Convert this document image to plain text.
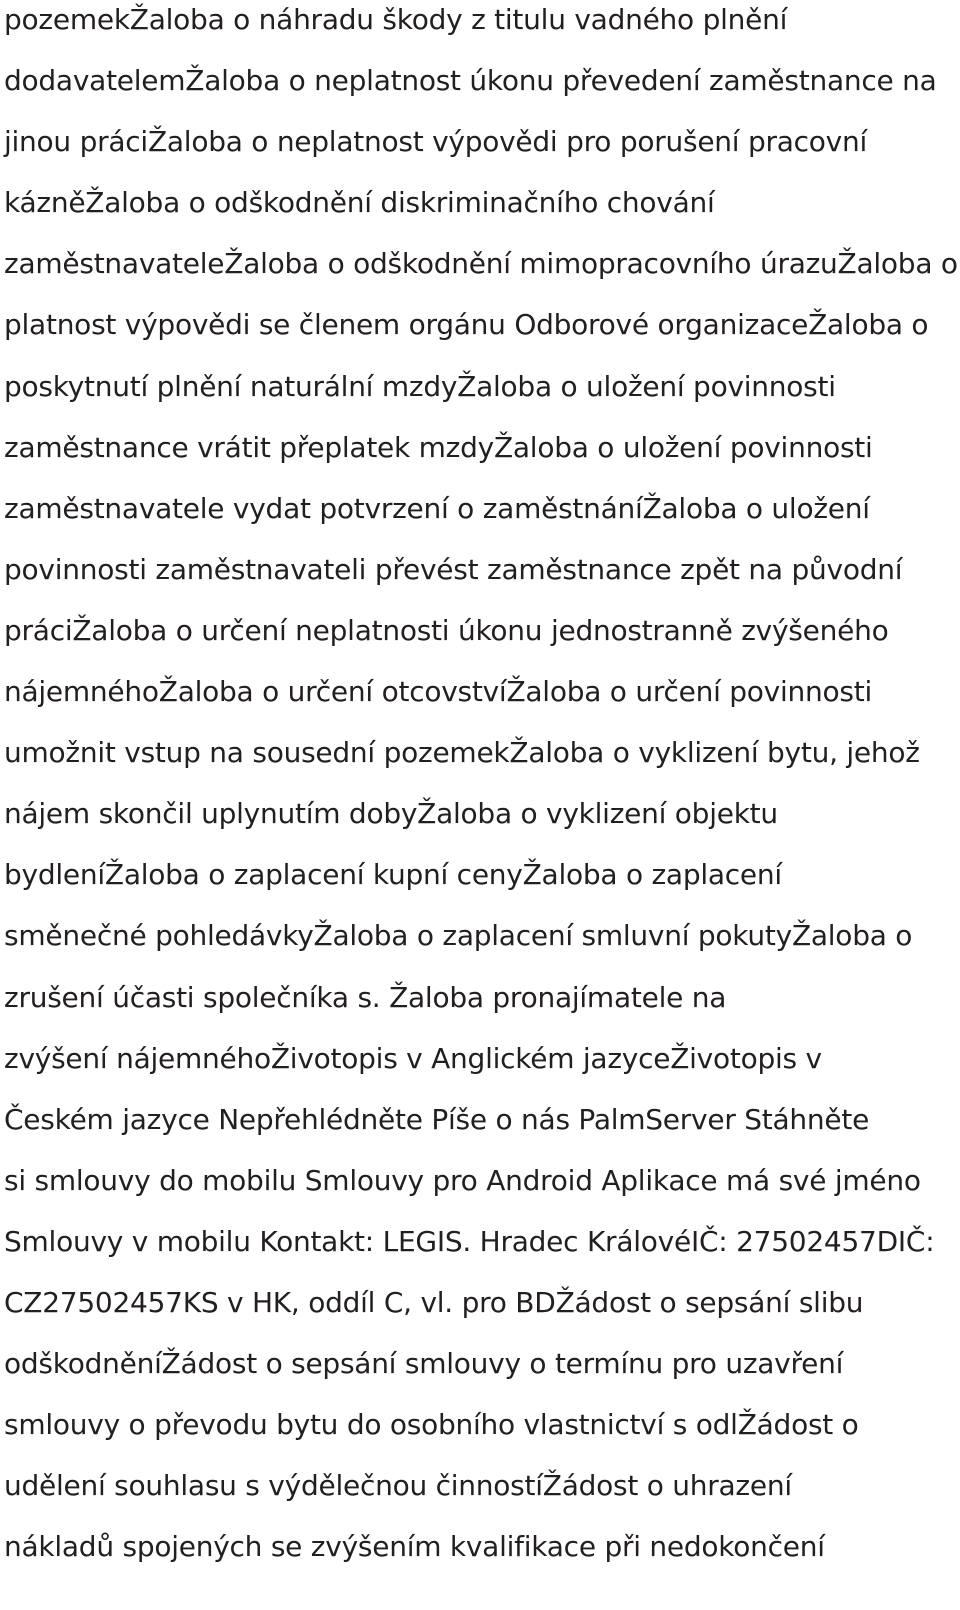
pozemekŽaloba o náhradu škody z titulu vadného plnění

dodavatelemŽaloba o neplatnost úkonu převedení zaměstnance na

jinou práciŽaloba o neplatnost výpovědi pro porušení pracovní

kázněŽaloba o odškodnění diskriminačního chování

zaměstnavateleŽaloba o odškodnění mimopracovního úrazuŽaloba o

platnost výpovědi se členem orgánu Odborové organizaceŽaloba o

poskytnutí plnění naturální mzdyŽaloba o uložení povinnosti

zaměstnance vrátit přeplatek mzdyŽaloba o uložení povinnosti

zaměstnavatele vydat potvrzení o zaměstnáníŽaloba o uložení

povinnosti zaměstnavateli převést zaměstnance zpět na původní

práciŽaloba o určení neplatnosti úkonu jednostranně zvýšeného

nájemnéhoŽaloba o určení otcovstvíŽaloba o určení povinnosti

umožnit vstup na sousední pozemekŽaloba o vyklizení bytu, jehož

nájem skončil uplynutím dobyŽaloba o vyklizení objektu

bydleníŽaloba o zaplacení kupní cenyŽaloba o zaplacení

směnečné pohledávkyŽaloba o zaplacení smluvní pokutyŽaloba o

zrušení účasti společníka s. Žaloba pronajímatele na

zvýšení nájemnéhoŽivotopis v Anglickém jazyceŽivotopis v

Českém jazyce Nepřehlédněte Píše o nás PalmServer Stáhněte

si smlouvy do mobilu Smlouvy pro Android Aplikace má své jméno

Smlouvy v mobilu Kontakt: LEGIS. Hradec KrálovéIČ: 27502457DIČ:

CZ27502457KS v HK, oddíl C, vl. pro BDŽádost o sepsání slibu

odškodněníŽádost o sepsání smlouvy o termínu pro uzavření

smlouvy o převodu bytu do osobního vlastnictví s odlŽádost o

udělení souhlasu s výdělečnou činnostíŽádost o uhrazení

nákladů spojených se zvýšením kvalifikace při nedokončení
